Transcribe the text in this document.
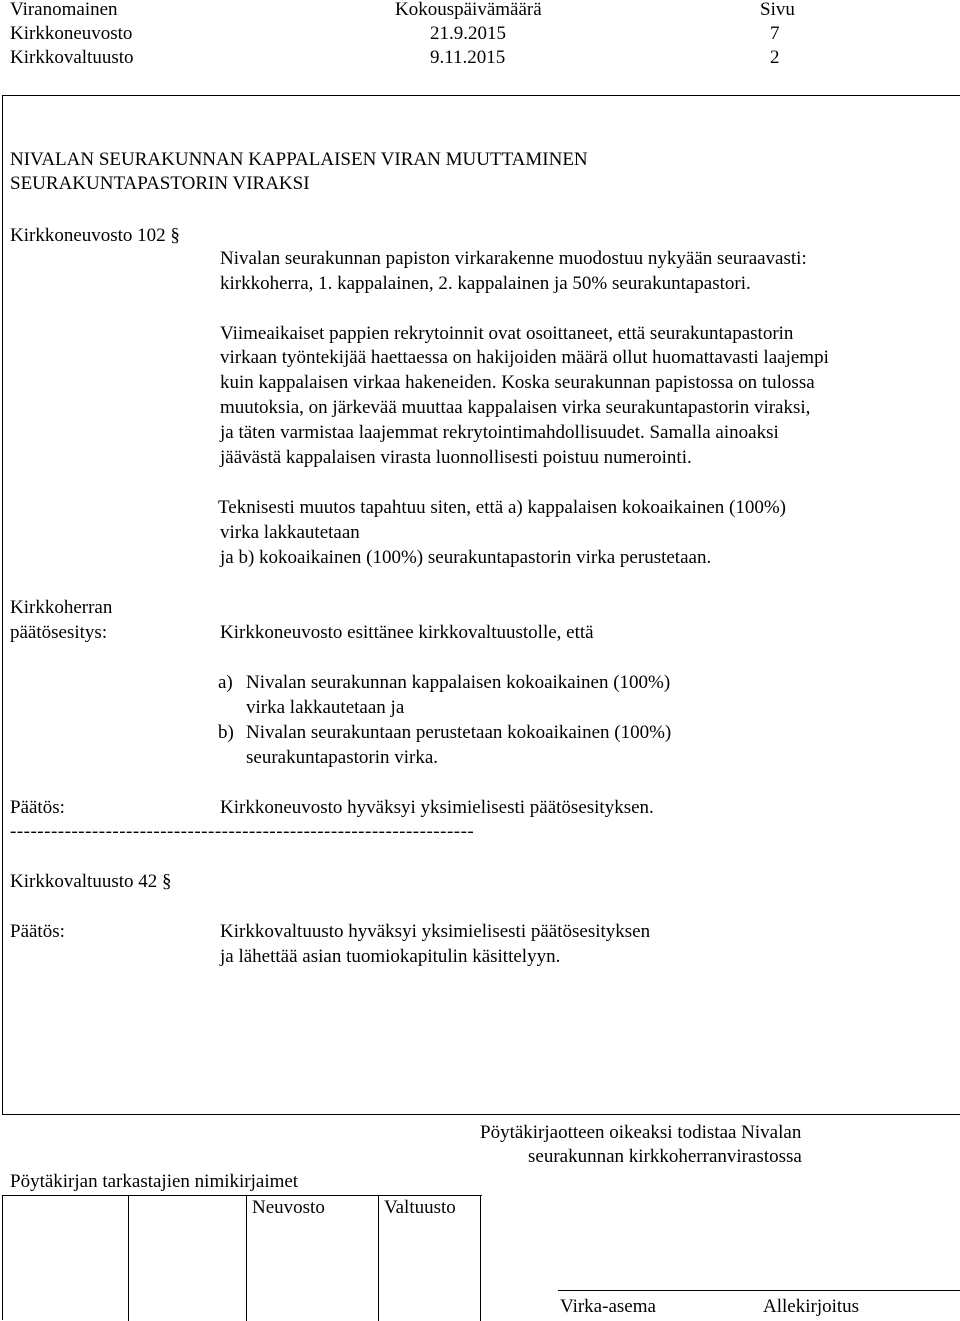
Viranomainen	Kokouspäivämäärä	Sivu
Kirkkoneuvosto	21.9.2015	7
Kirkkovaltuusto	9.11.2015	2
NIVALAN SEURAKUNNAN KAPPALAISEN VIRAN MUUTTAMINEN
SEURAKUNTAPASTORIN VIRAKSI
Kirkkoneuvosto 102 §
Nivalan seurakunnan papiston virkarakenne muodostuu nykyään seuraavasti:
kirkkoherra, 1. kappalainen, 2. kappalainen ja 50% seurakuntapastori.
Viimeaikaiset pappien rekrytoinnit ovat osoittaneet, että seurakuntapastorin
virkaan työntekijää haettaessa on hakijoiden määrä ollut huomattavasti laajempi
kuin kappalaisen virkaa hakeneiden. Koska seurakunnan papistossa on tulossa
muutoksia, on järkevää muuttaa kappalaisen virka seurakuntapastorin viraksi,
ja täten varmistaa laajemmat rekrytointimahdollisuudet. Samalla ainoaksi
jäävästä kappalaisen virasta luonnollisesti poistuu numerointi.
Teknisesti muutos tapahtuu siten, että a) kappalaisen kokoaikainen (100%)
virka lakkautetaan
ja b) kokoaikainen (100%) seurakuntapastorin virka perustetaan.
Kirkkoherran
päätösesitys:	Kirkkoneuvosto esittänee kirkkovaltuustolle, että
a) Nivalan seurakunnan kappalaisen kokoaikainen (100%)
virka lakkautetaan ja
b) Nivalan seurakuntaan perustetaan kokoaikainen (100%)
seurakuntapastorin virka.
Päätös:	Kirkkoneuvosto hyväksyi yksimielisesti päätösesityksen.
--------------------------------------------------------------------
Kirkkovaltuusto 42 §
Päätös:	Kirkkovaltuusto hyväksyi yksimielisesti päätösesityksen
ja lähettää asian tuomiokapitulin käsittelyyn.
Pöytäkirjaotteen oikeaksi todistaa Nivalan
seurakunnan kirkkoherranvirastossa
Pöytäkirjan tarkastajien nimikirjaimet
Neuvosto	Valtuusto
Virka-asema	Allekirjoitus
